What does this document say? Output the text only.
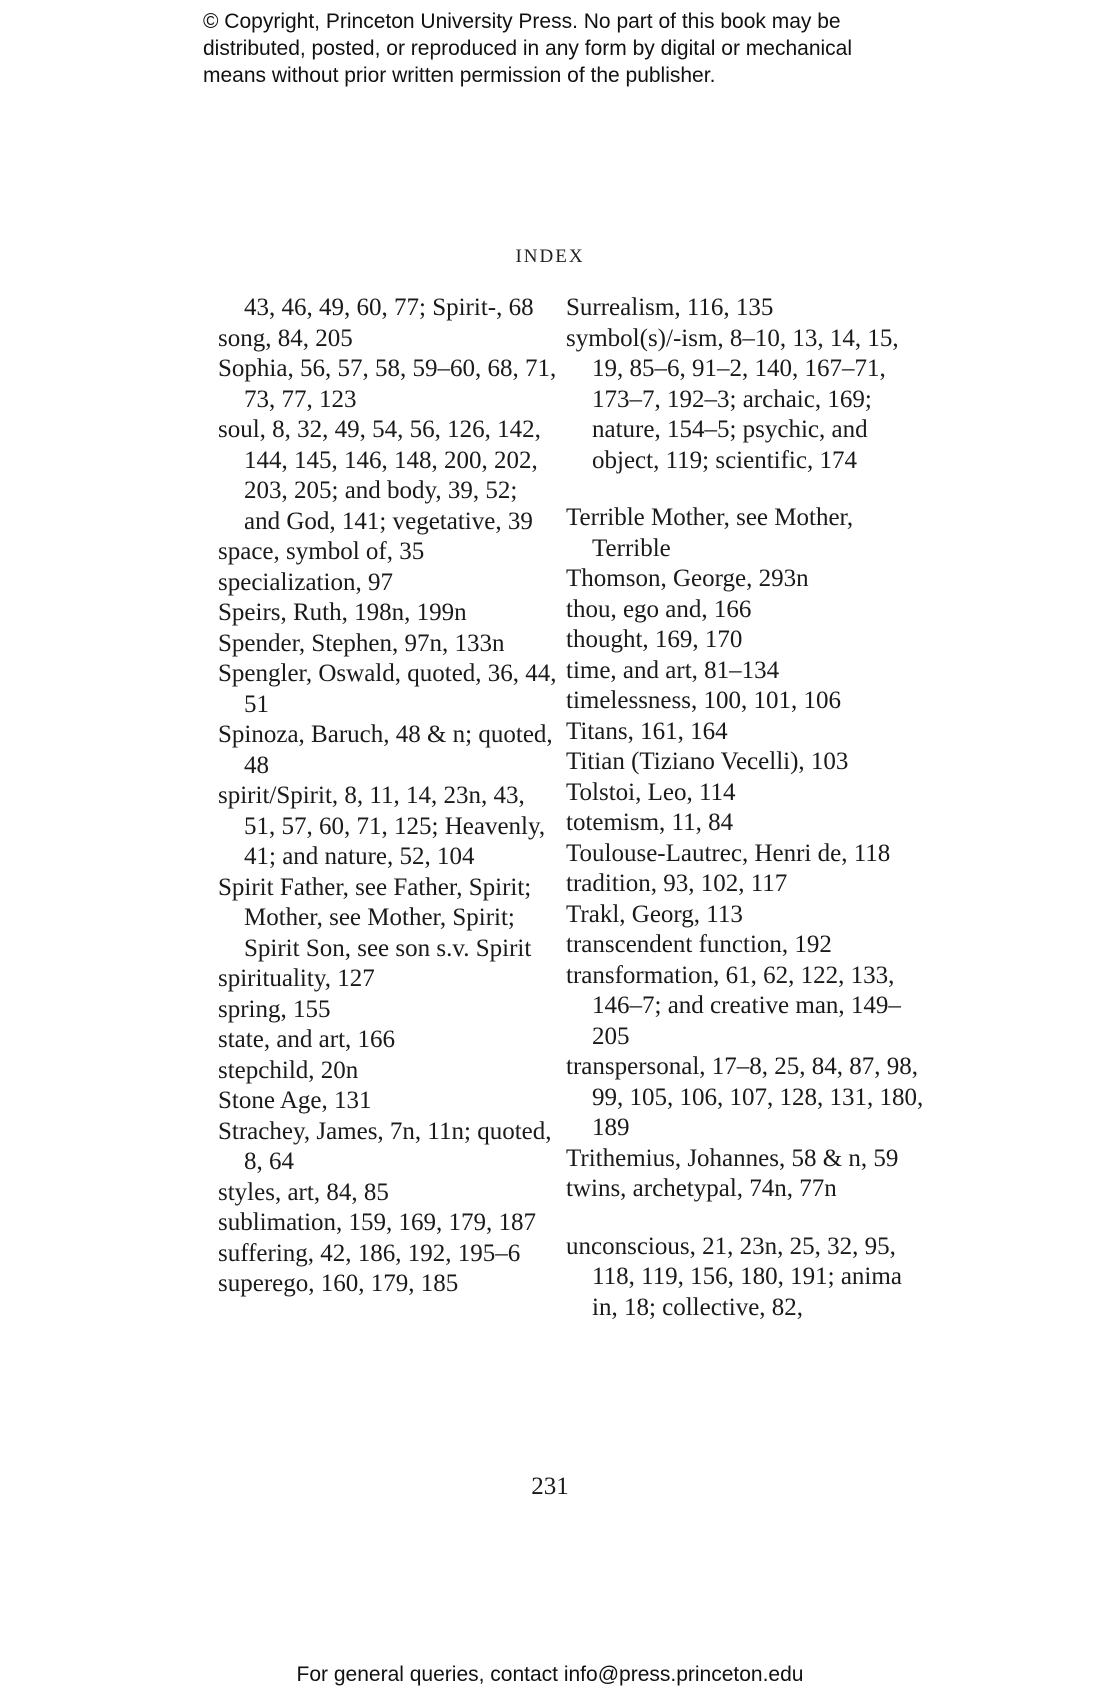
© Copyright, Princeton University Press. No part of this book may be
distributed, posted, or reproduced in any form by digital or mechanical
means without prior written permission of the publisher.
INDEX
43, 46, 49, 60, 77; Spirit-, 68
song, 84, 205
Sophia, 56, 57, 58, 59–60, 68, 71, 73, 77, 123
soul, 8, 32, 49, 54, 56, 126, 142, 144, 145, 146, 148, 200, 202, 203, 205; and body, 39, 52; and God, 141; vegetative, 39
space, symbol of, 35
specialization, 97
Speirs, Ruth, 198n, 199n
Spender, Stephen, 97n, 133n
Spengler, Oswald, quoted, 36, 44, 51
Spinoza, Baruch, 48 & n; quoted, 48
spirit/Spirit, 8, 11, 14, 23n, 43, 51, 57, 60, 71, 125; Heavenly, 41; and nature, 52, 104
Spirit Father, see Father, Spirit; Mother, see Mother, Spirit; Spirit Son, see son s.v. Spirit
spirituality, 127
spring, 155
state, and art, 166
stepchild, 20n
Stone Age, 131
Strachey, James, 7n, 11n; quoted, 8, 64
styles, art, 84, 85
sublimation, 159, 169, 179, 187
suffering, 42, 186, 192, 195–6
superego, 160, 179, 185
Surrealism, 116, 135
symbol(s)/-ism, 8–10, 13, 14, 15, 19, 85–6, 91–2, 140, 167–71, 173–7, 192–3; archaic, 169; nature, 154–5; psychic, and object, 119; scientific, 174
Terrible Mother, see Mother, Terrible
Thomson, George, 293n
thou, ego and, 166
thought, 169, 170
time, and art, 81–134
timelessness, 100, 101, 106
Titans, 161, 164
Titian (Tiziano Vecelli), 103
Tolstoi, Leo, 114
totemism, 11, 84
Toulouse-Lautrec, Henri de, 118
tradition, 93, 102, 117
Trakl, Georg, 113
transcendent function, 192
transformation, 61, 62, 122, 133, 146–7; and creative man, 149–205
transpersonal, 17–8, 25, 84, 87, 98, 99, 105, 106, 107, 128, 131, 180, 189
Trithemius, Johannes, 58 & n, 59
twins, archetypal, 74n, 77n
unconscious, 21, 23n, 25, 32, 95, 118, 119, 156, 180, 191; anima in, 18; collective, 82,
231
For general queries, contact info@press.princeton.edu
